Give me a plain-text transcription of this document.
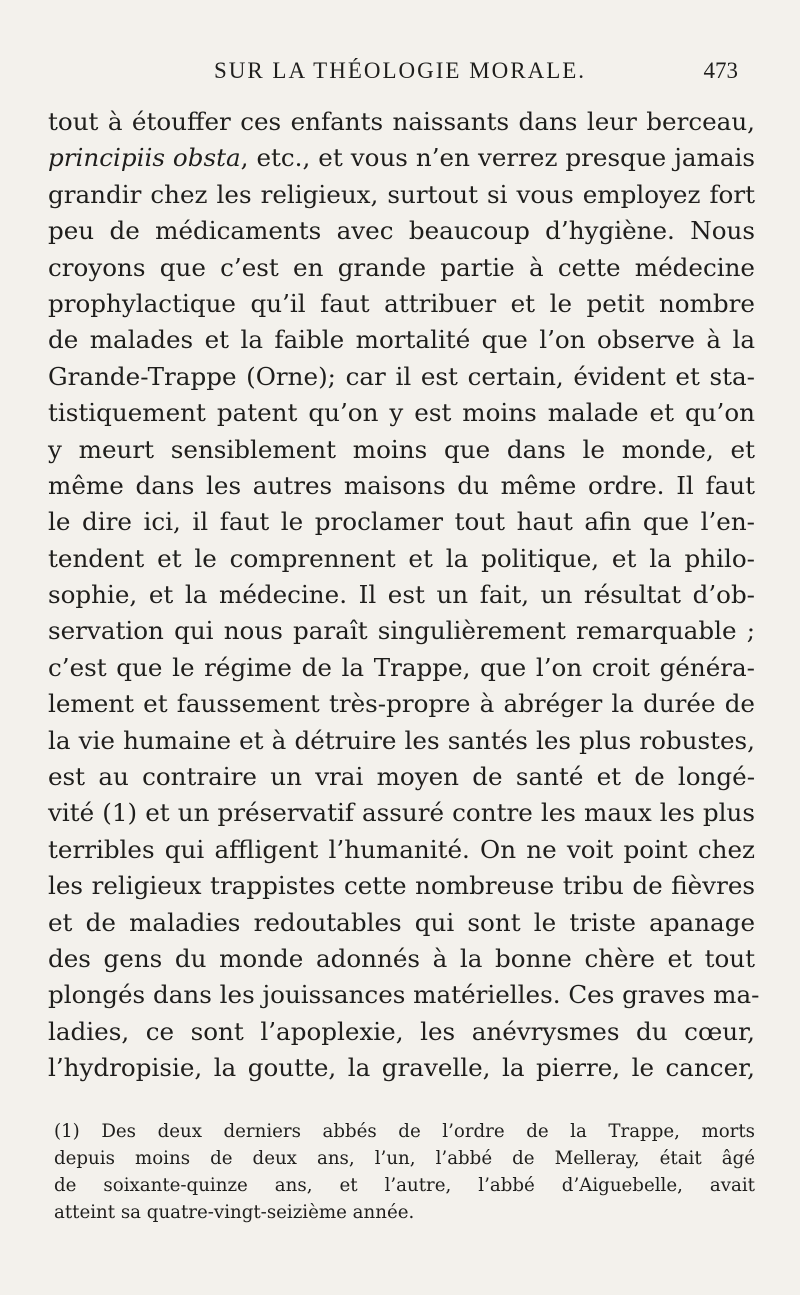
SUR LA THÉOLOGIE MORALE.	473
tout à étouffer ces enfants naissants dans leur berceau,
principiis obsta, etc., et vous n’en verrez presque jamais
grandir chez les religieux, surtout si vous employez fort
peu de médicaments avec beaucoup d’hygiène. Nous
croyons que c’est en grande partie à cette médecine
prophylactique qu’il faut attribuer et le petit nombre
de malades et la faible mortalité que l’on observe à la
Grande-Trappe (Orne); car il est certain, évident et sta-
tistiquement patent qu’on y est moins malade et qu’on
y meurt sensiblement moins que dans le monde, et
même dans les autres maisons du même ordre. Il faut
le dire ici, il faut le proclamer tout haut afin que l’en-
tendent et le comprennent et la politique, et la philo-
sophie, et la médecine. Il est un fait, un résultat d’ob-
servation qui nous paraît singulièrement remarquable ;
c’est que le régime de la Trappe, que l’on croit généra-
lement et faussement très-propre à abréger la durée de
la vie humaine et à détruire les santés les plus robustes,
est au contraire un vrai moyen de santé et de longé-
vité (1) et un préservatif assuré contre les maux les plus
terribles qui affligent l’humanité. On ne voit point chez
les religieux trappistes cette nombreuse tribu de fièvres
et de maladies redoutables qui sont le triste apanage
des gens du monde adonnés à la bonne chère et tout
plongés dans les jouissances matérielles. Ces graves ma-
ladies, ce sont l’apoplexie, les anévrysmes du cœur,
l’hydropisie, la goutte, la gravelle, la pierre, le cancer,
(1) Des deux derniers abbés de l’ordre de la Trappe, morts
depuis moins de deux ans, l’un, l’abbé de Melleray, était âgé
de soixante-quinze ans, et l’autre, l’abbé d’Aiguebelle, avait
atteint sa quatre-vingt-seizième année.
